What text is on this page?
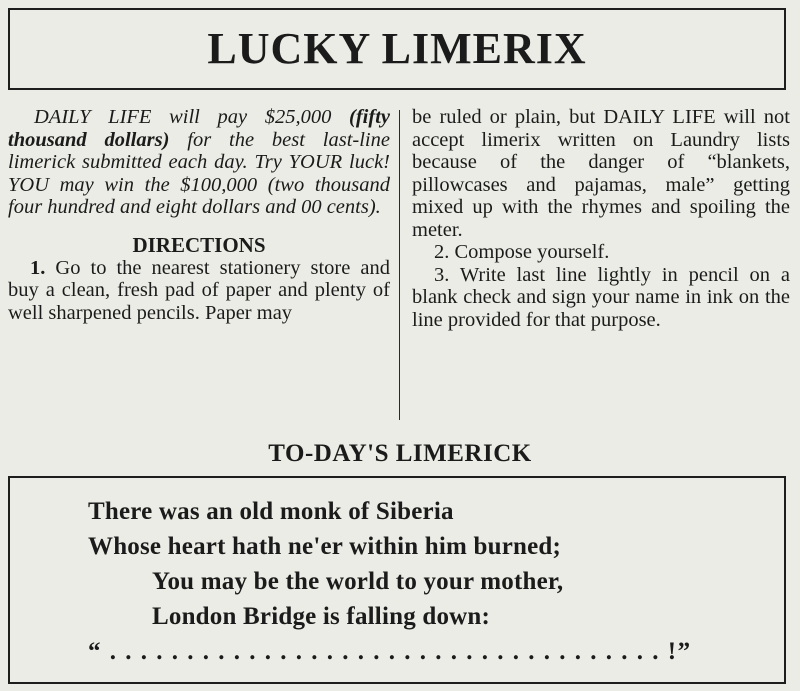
LUCKY LIMERIX

DAILY LIFE will pay $25,000 (fifty thousand dollars) for the best last-line limerick submitted each day. Try YOUR luck! YOU may win the $100,000 (two thousand four hundred and eight dollars and 00 cents).

DIRECTIONS

1. Go to the nearest stationery store and buy a clean, fresh pad of paper and plenty of well sharpened pencils. Paper may

be ruled or plain, but DAILY LIFE will not accept limerix written on Laundry lists because of the danger of “blankets, pillowcases and pajamas, male” getting mixed up with the rhymes and spoiling the meter.

2. Compose yourself.

3. Write last line lightly in pencil on a blank check and sign your name in ink on the line provided for that purpose.

TO-DAY'S LIMERICK
There was an old monk of Siberia
Whose heart hath ne'er within him burned;
You may be the world to your mother,
London Bridge is falling down:
“ . . . . . . . . . . . . . . . . . . . . . . . . . . . . . . . . . . . . !”
